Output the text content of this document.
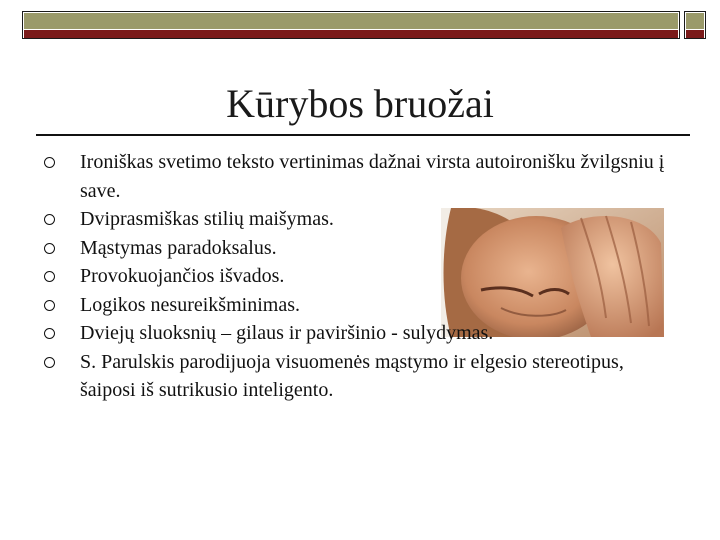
Kūrybos bruožai
Ironiškas svetimo teksto vertinimas dažnai virsta autoironišku žvilgsniu į save.
Dviprasmiškas stilių maišymas.
Mąstymas paradoksalus.
Provokuojančios išvados.
Logikos nesureikšminimas.
Dviejų sluoksnių – gilaus ir paviršinio - sulydymas.
S. Parulskis parodijuoja visuomenės mąstymo ir elgesio stereotipus, šaiposi iš sutrikusio inteligento.
